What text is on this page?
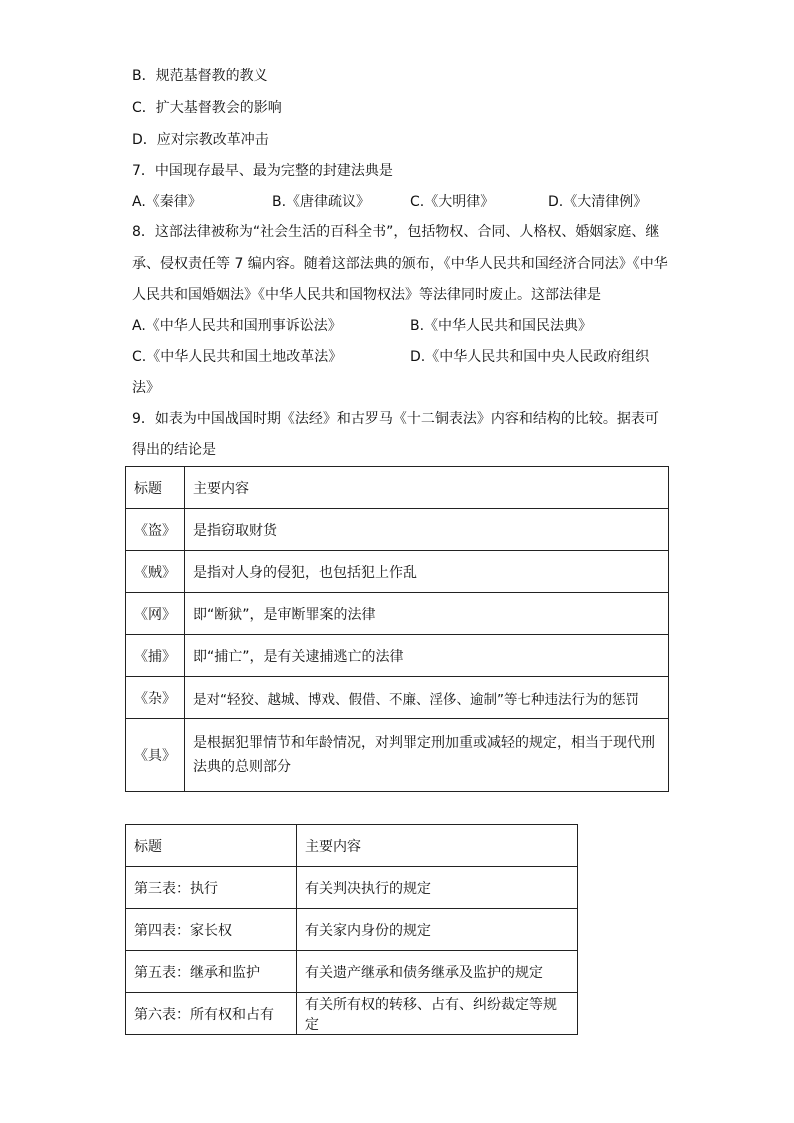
B．规范基督教的教义
C．扩大基督教会的影响
D．应对宗教改革冲击
7．中国现存最早、最为完整的封建法典是
A.《秦律》	B.《唐律疏议》	C.《大明律》	D.《大清律例》
8．这部法律被称为“社会生活的百科全书”，包括物权、合同、人格权、婚姻家庭、继
承、侵权责任等 7 编内容。随着这部法典的颁布，《中华人民共和国经济合同法》《中华
人民共和国婚姻法》《中华人民共和国物权法》等法律同时废止。这部法律是
A.《中华人民共和国刑事诉讼法》	B.《中华人民共和国民法典》
C.《中华人民共和国土地改革法》	D.《中华人民共和国中央人民政府组织
法》
9．如表为中国战国时期《法经》和古罗马《十二铜表法》内容和结构的比较。据表可
得出的结论是
标题	主要内容
《盗》	是指窃取财货
《贼》	是指对人身的侵犯，也包括犯上作乱
《网》	即“断狱”，是审断罪案的法律
《捕》	即“捕亡”，是有关逮捕逃亡的法律
《杂》	是对“轻狡、越城、博戏、假借、不廉、淫侈、逾制”等七种违法行为的惩罚
《具》	是根据犯罪情节和年龄情况，对判罪定刑加重或减轻的规定，相当于现代刑法典的总则部分
标题	主要内容
第三表：执行	有关判决执行的规定
第四表：家长权	有关家内身份的规定
第五表：继承和监护	有关遗产继承和债务继承及监护的规定
第六表：所有权和占有	有关所有权的转移、占有、纠纷裁定等规定
